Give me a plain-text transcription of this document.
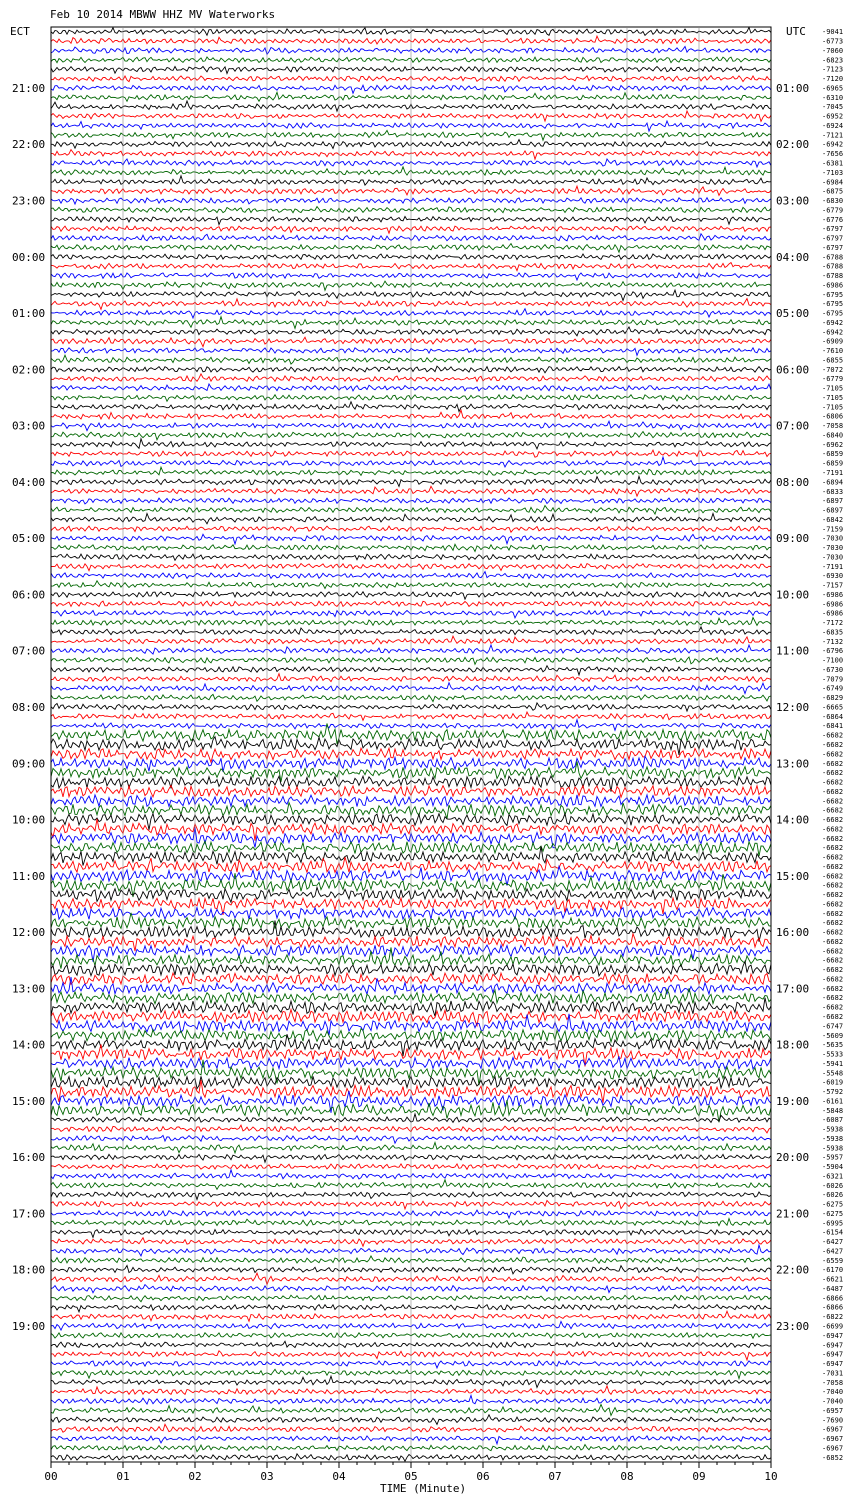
-9041
-6773
-7060
-6823
-7123
-7120
-6965
-6310
-7045
-6952
-6924
-7121
-6942
-7656
-6381
-7103
-6984
-6875
-6830
-6779
-6776
-6797
-6797
-6797
-6788
-6788
-6788
-6986
-6795
-6795
-6795
-6942
-6942
-6909
-7610
-6855
-7072
-6779
-7105
-7105
-7105
-6806
-7058
-6840
-6962
-6859
-6859
-7191
-6894
-6833
-6897
-6897
-6842
-7159
-7030
-7030
-7030
-7191
-6930
-7157
-6986
-6986
-6986
-7172
-6835
-7132
-6796
-7100
-6730
-7079
-6749
-6829
-6665
-6864
-6841
-6682
-6682
-6682
-6682
-6682
-6682
-6682
-6682
-6682
-6682
-6682
-6682
-6682
-6682
-6682
-6682
-6682
-6682
-6682
-6682
-6682
-6682
-6682
-6682
-6682
-6682
-6682
-6682
-6682
-6682
-6682
-6747
-5609
-5635
-5533
-5941
-5548
-6019
-5792
-6161
-5848
-6087
-5938
-5938
-5938
-5957
-5904
-6321
-6026
-6026
-6275
-6275
-6995
-6154
-6427
-6427
-6559
-6170
-6621
-6487
-6866
-6866
-6822
-6699
-6947
-6947
-6947
-6947
-7031
-7058
-7040
-7040
-6957
-7690
-6967
-6967
-6967
-6852
21:00	01:00
22:00	02:00
23:00	03:00
00:00	04:00
01:00	05:00
02:00	06:00
03:00	07:00
04:00	08:00
05:00	09:00
06:00	10:00
07:00	11:00
08:00	12:00
09:00	13:00
10:00	14:00
11:00	15:00
12:00	16:00
13:00	17:00
14:00	18:00
15:00	19:00
16:00	20:00
17:00	21:00
18:00	22:00
19:00	23:00
00	01	02	03	04	05	06	07	08	09	10
Feb 10 2014 MBWW HHZ MV Waterworks
ECT	UTC
TIME (Minute)
